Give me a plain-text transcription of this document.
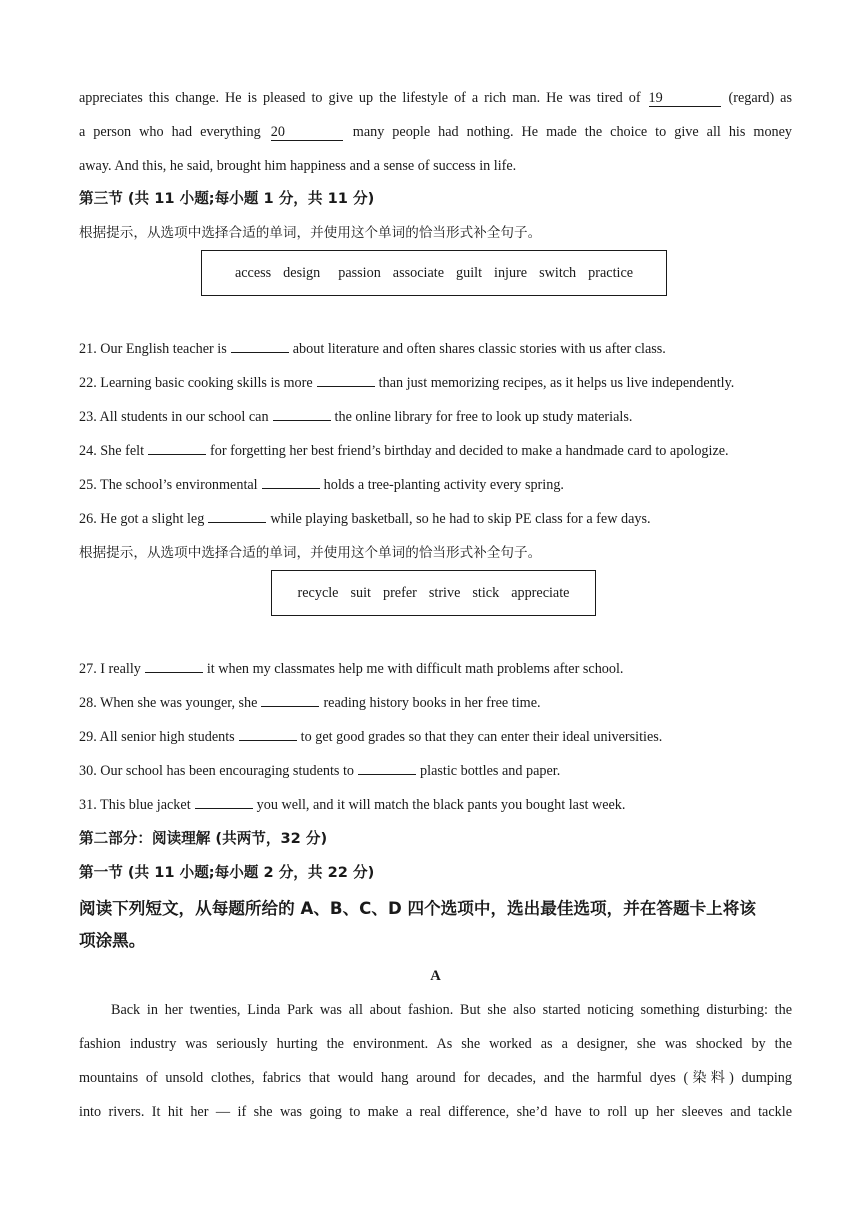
appreciates this change. He is pleased to give up the lifestyle of a rich man. He was tired of 19	(regard) as
a person who had everything 20	many people had nothing. He made the choice to give all his money
away. And this, he said, brought him happiness and a sense of success in life.
第三节 (共 11 小题;每小题 1 分，共 11 分)
根据提示，从选项中选择合适的单词，并使用这个单词的恰当形式补全句子。
access design	passion associate guilt injure switch practice
21. Our English teacher is	about literature and often shares classic stories with us after class.
22. Learning basic cooking skills is more	than just memorizing recipes, as it helps us live independently.
23. All students in our school can	the online library for free to look up study materials.
24. She felt	for forgetting her best friend’s birthday and decided to make a handmade card to apologize.
25. The school’s environmental	holds a tree-planting activity every spring.
26. He got a slight leg	while playing basketball, so he had to skip PE class for a few days.
根据提示，从选项中选择合适的单词，并使用这个单词的恰当形式补全句子。
recycle suit prefer strive stick appreciate
27. I really	it when my classmates help me with difficult math problems after school.
28. When she was younger, she	reading history books in her free time.
29. All senior high students	to get good grades so that they can enter their ideal universities.
30. Our school has been encouraging students to	plastic bottles and paper.
31. This blue jacket	you well, and it will match the black pants you bought last week.
第二部分：阅读理解 (共两节，32 分)
第一节 (共 11 小题;每小题 2 分，共 22 分)
阅读下列短文，从每题所给的 A、B、C、D 四个选项中，选出最佳选项，并在答题卡上将该
项涂黑。
A
Back in her twenties, Linda Park was all about fashion. But she also started noticing something disturbing: the
fashion industry was seriously hurting the environment. As she worked as a designer, she was shocked by the
mountains of unsold clothes, fabrics that would hang around for decades, and the harmful dyes (染料) dumping
into rivers. It hit her — if she was going to make a real difference, she’d have to roll up her sleeves and tackle
